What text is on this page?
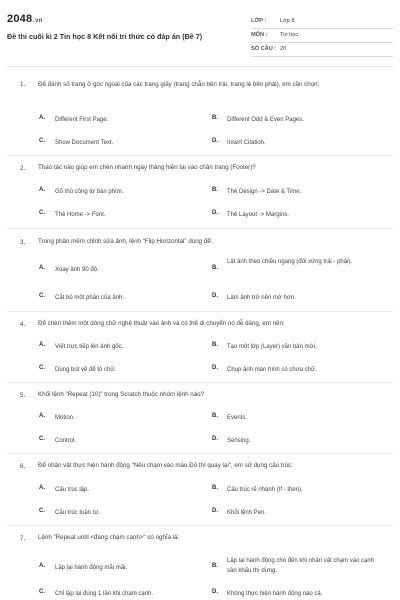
2048.vn
Đề thi cuối kì 2 Tin học 8 Kết nối tri thức có đáp án (Đề 7)
LỚP :	Lớp 8
MÔN :	Tin học
SỐ CÂU :	20
1. Để đánh số trang ở góc ngoài của các trang giấy (trang chẵn bên trái, trang lẻ bên phải), em cần chọn:
A. Different First Page.	B. Different Odd & Even Pages.
C. Show Document Text.	D. Insert Citation.
2. Thao tác nào giúp em chèn nhanh ngày tháng hiện tại vào chân trang (Footer)?
A. Gõ thủ công từ bàn phím.	B. Thẻ Design -> Date & Time.
C. Thẻ Home -> Font.	D. Thẻ Layout -> Margins.
3. Trong phần mềm chỉnh sửa ảnh, lệnh "Flip Horizontal" dùng để:
A. Xoay ảnh 90 độ.	B.
Lật ảnh theo chiều ngang (đối xứng trái - phải).
C. Cắt bỏ một phần của ảnh.	D. Làm ảnh trở nên mờ hơn.
4. Để chèn thêm một dòng chữ nghệ thuật vào ảnh và có thể di chuyển nó dễ dàng, em nên:
A. Viết trực tiếp lên ảnh gốc.	B. Tạo một lớp (Layer) văn bản mới.
C. Dùng bút vẽ để tô chữ.	D. Chụp ảnh màn hình có chứa chữ.
5. Khối lệnh "Repeat (10)" trong Scratch thuộc nhóm lệnh nào?
A. Motion.	B. Events.
C. Control.	D. Sensing.
6. Để nhân vật thực hiện hành động "Nếu chạm vào màu Đỏ thì quay lại", em sử dụng cấu trúc:
A. Cấu trúc lặp.	B. Cấu trúc rẽ nhánh (If - then).
C. Cấu trúc tuần tự.	D. Khối lệnh Pen.
7. Lệnh "Repeat until <đang chạm cạnh>" có nghĩa là:
A. Lặp lại hành động mãi mãi.	B.
Lặp lại hành động cho đến khi nhân vật chạm vào cạnh sân khấu thì dừng.
C. Chỉ lặp lại đúng 1 lần khi chạm cạnh.	D. Không thực hiện hành động nào cả.
